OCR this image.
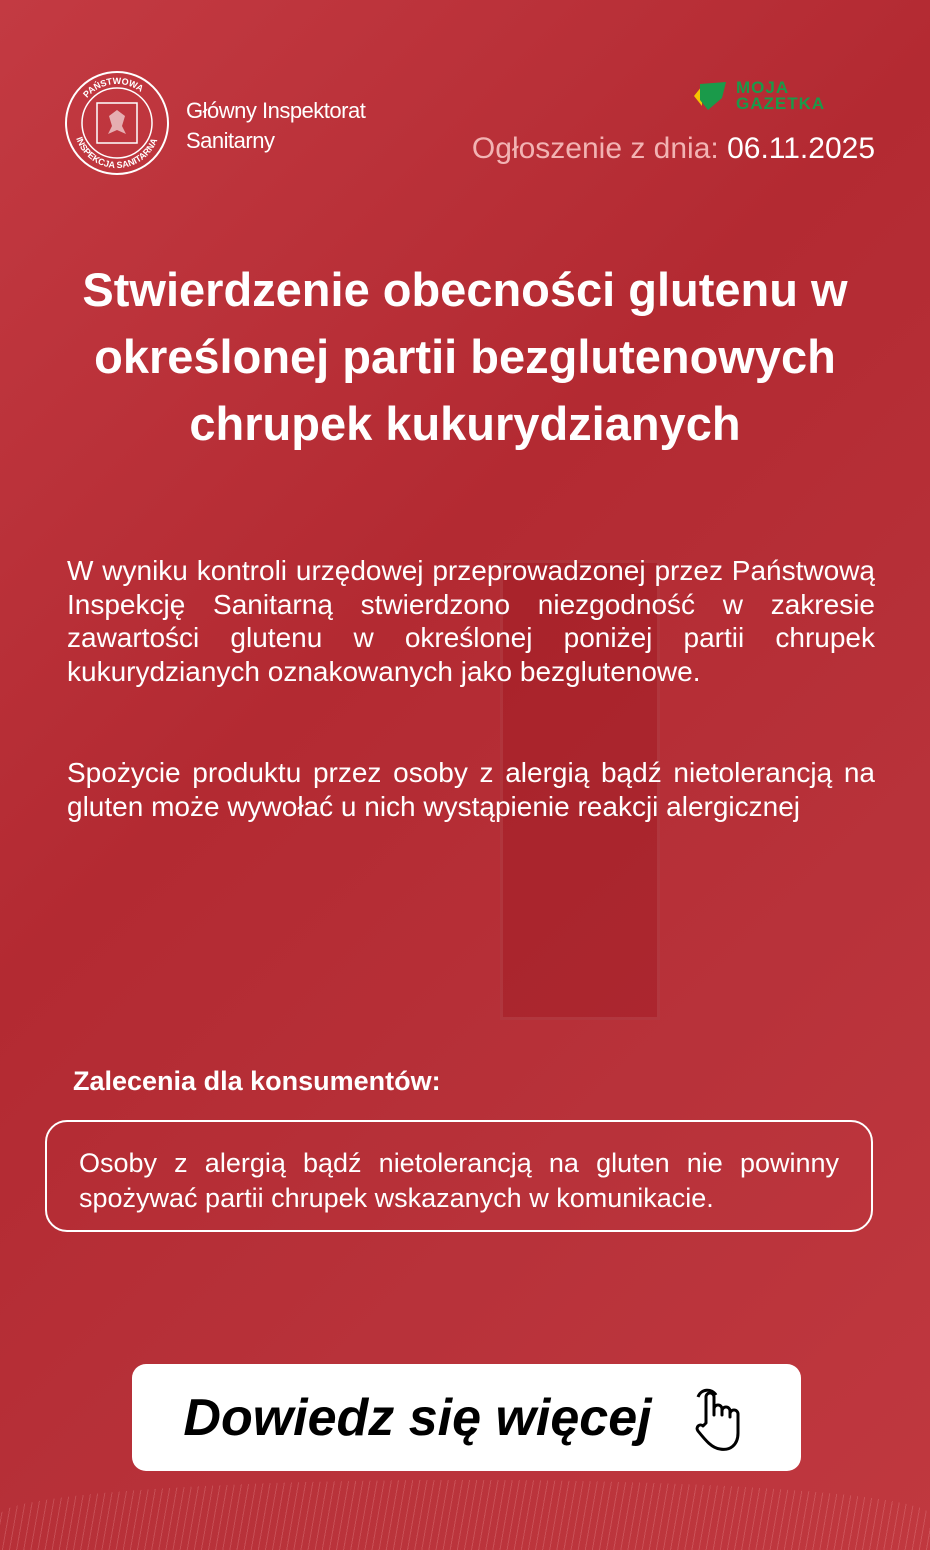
PAŃSTWOWA
INSPEKCJA SANITARNA
Główny Inspektorat
Sanitarny
MOJA GAZETKA
Ogłoszenie z dnia: 06.11.2025
Stwierdzenie obecności glutenu w określonej partii bezglutenowych chrupek kukurydzianych
W wyniku kontroli urzędowej przeprowadzonej przez Państwową Inspekcję Sanitarną stwierdzono niezgodność w zakresie zawartości glutenu w określonej poniżej partii chrupek kukurydzianych oznakowanych jako bezglutenowe.
Spożycie produktu przez osoby z alergią bądź nietolerancją na gluten może wywołać u nich wystąpienie reakcji alergicznej
Zalecenia dla konsumentów:
Osoby z alergią bądź nietolerancją na gluten nie powinny spożywać partii chrupek wskazanych w komunikacie.
Dowiedz się więcej
